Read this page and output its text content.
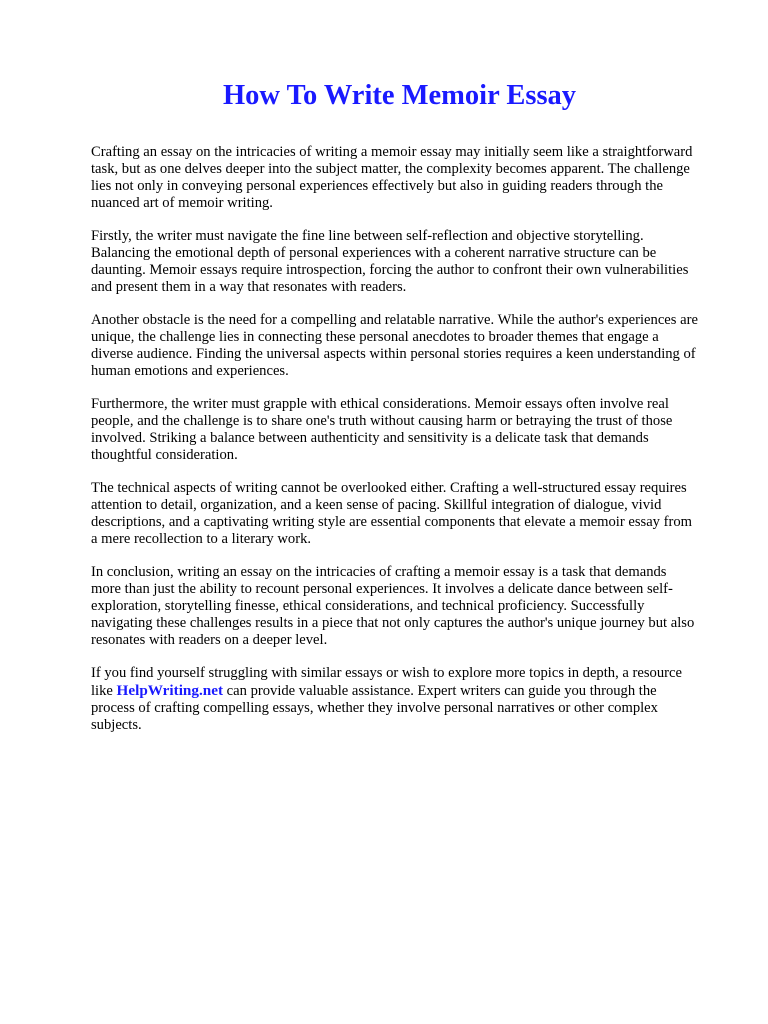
How To Write Memoir Essay

Crafting an essay on the intricacies of writing a memoir essay may initially seem like a straightforward task, but as one delves deeper into the subject matter, the complexity becomes apparent. The challenge lies not only in conveying personal experiences effectively but also in guiding readers through the nuanced art of memoir writing.

Firstly, the writer must navigate the fine line between self-reflection and objective storytelling. Balancing the emotional depth of personal experiences with a coherent narrative structure can be daunting. Memoir essays require introspection, forcing the author to confront their own vulnerabilities and present them in a way that resonates with readers.

Another obstacle is the need for a compelling and relatable narrative. While the author's experiences are unique, the challenge lies in connecting these personal anecdotes to broader themes that engage a diverse audience. Finding the universal aspects within personal stories requires a keen understanding of human emotions and experiences.

Furthermore, the writer must grapple with ethical considerations. Memoir essays often involve real people, and the challenge is to share one's truth without causing harm or betraying the trust of those involved. Striking a balance between authenticity and sensitivity is a delicate task that demands thoughtful consideration.

The technical aspects of writing cannot be overlooked either. Crafting a well-structured essay requires attention to detail, organization, and a keen sense of pacing. Skillful integration of dialogue, vivid descriptions, and a captivating writing style are essential components that elevate a memoir essay from a mere recollection to a literary work.

In conclusion, writing an essay on the intricacies of crafting a memoir essay is a task that demands more than just the ability to recount personal experiences. It involves a delicate dance between self-exploration, storytelling finesse, ethical considerations, and technical proficiency. Successfully navigating these challenges results in a piece that not only captures the author's unique journey but also resonates with readers on a deeper level.

If you find yourself struggling with similar essays or wish to explore more topics in depth, a resource like HelpWriting.net can provide valuable assistance. Expert writers can guide you through the process of crafting compelling essays, whether they involve personal narratives or other complex subjects.
